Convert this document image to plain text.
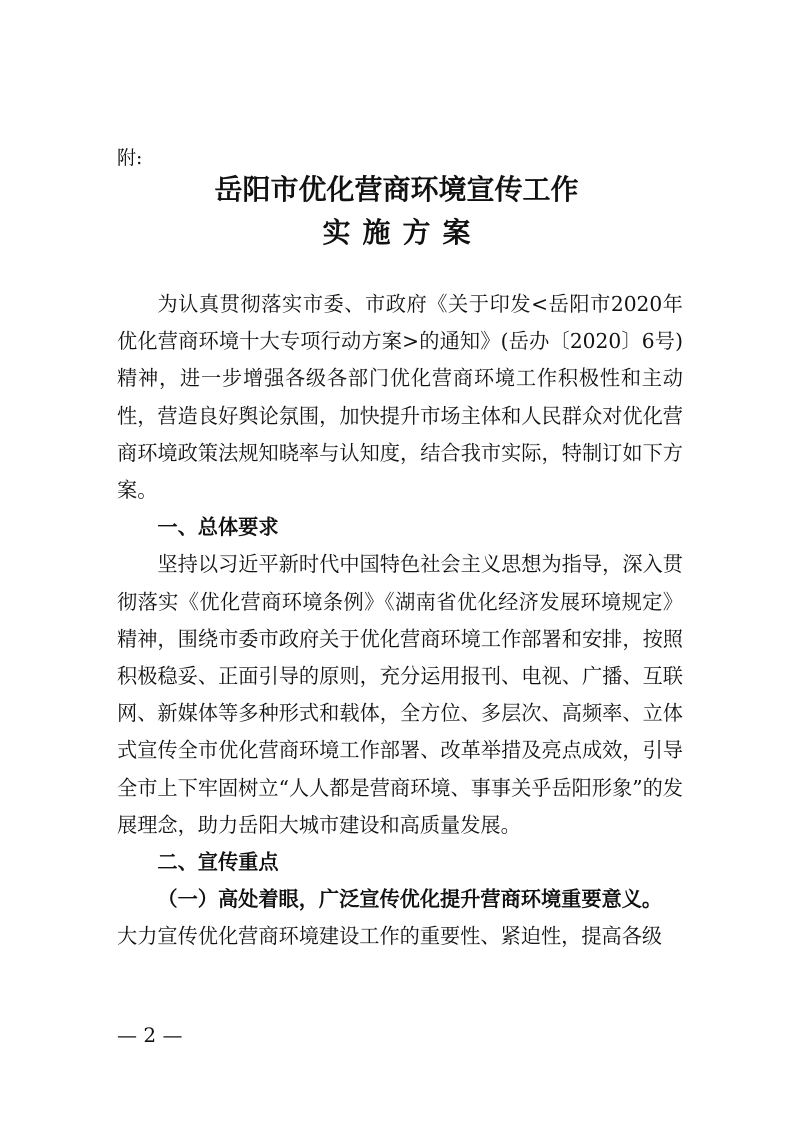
附:
岳阳市优化营商环境宣传工作
实施方案

为认真贯彻落实市委、市政府《关于印发<岳阳市2020年优化营商环境十大专项行动方案>的通知》(岳办〔2020〕6号)精神，进一步增强各级各部门优化营商环境工作积极性和主动性，营造良好舆论氛围，加快提升市场主体和人民群众对优化营商环境政策法规知晓率与认知度，结合我市实际，特制订如下方案。

一、总体要求

坚持以习近平新时代中国特色社会主义思想为指导，深入贯彻落实《优化营商环境条例》《湖南省优化经济发展环境规定》精神，围绕市委市政府关于优化营商环境工作部署和安排，按照积极稳妥、正面引导的原则，充分运用报刊、电视、广播、互联网、新媒体等多种形式和载体，全方位、多层次、高频率、立体式宣传全市优化营商环境工作部署、改革举措及亮点成效，引导全市上下牢固树立“人人都是营商环境、事事关乎岳阳形象”的发展理念，助力岳阳大城市建设和高质量发展。

二、宣传重点

（一）高处着眼，广泛宣传优化提升营商环境重要意义。

大力宣传优化营商环境建设工作的重要性、紧迫性，提高各级

— 2 —
